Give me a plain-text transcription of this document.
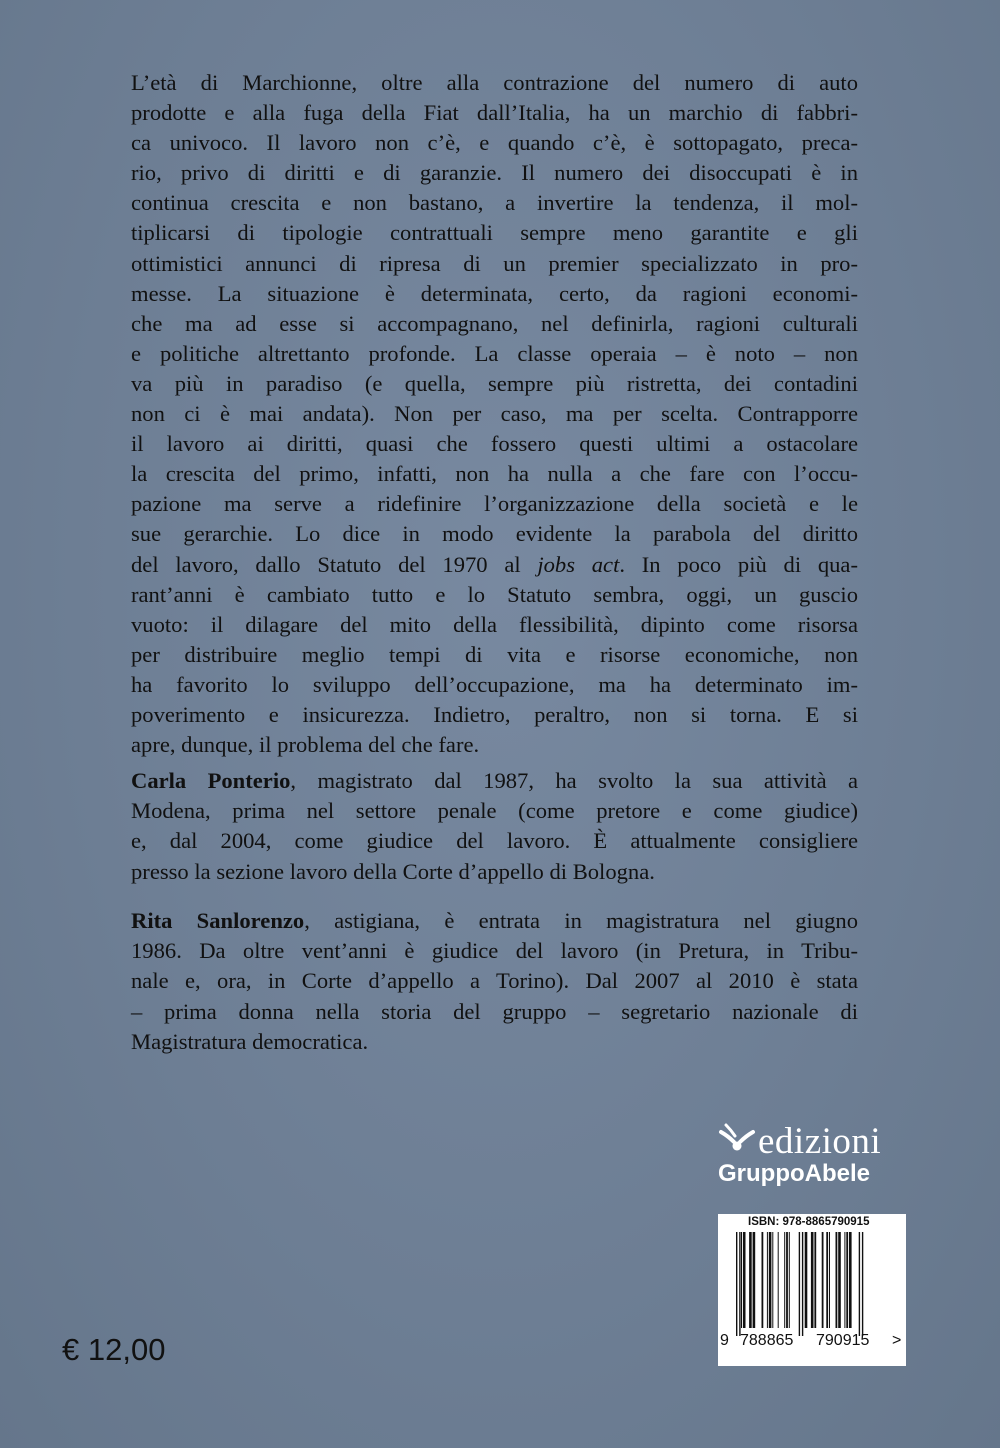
L’età di Marchionne, oltre alla contrazione del numero di auto
prodotte e alla fuga della Fiat dall’Italia, ha un marchio di fabbri-
ca univoco. Il lavoro non c’è, e quando c’è, è sottopagato, preca-
rio, privo di diritti e di garanzie. Il numero dei disoccupati è in
continua crescita e non bastano, a invertire la tendenza, il mol-
tiplicarsi di tipologie contrattuali sempre meno garantite e gli
ottimistici annunci di ripresa di un premier specializzato in pro-
messe. La situazione è determinata, certo, da ragioni economi-
che ma ad esse si accompagnano, nel definirla, ragioni culturali
e politiche altrettanto profonde. La classe operaia – è noto – non
va più in paradiso (e quella, sempre più ristretta, dei contadini
non ci è mai andata). Non per caso, ma per scelta. Contrapporre
il lavoro ai diritti, quasi che fossero questi ultimi a ostacolare
la crescita del primo, infatti, non ha nulla a che fare con l’occu-
pazione ma serve a ridefinire l’organizzazione della società e le
sue gerarchie. Lo dice in modo evidente la parabola del diritto
del lavoro, dallo Statuto del 1970 al jobs act. In poco più di qua-
rant’anni è cambiato tutto e lo Statuto sembra, oggi, un guscio
vuoto: il dilagare del mito della flessibilità, dipinto come risorsa
per distribuire meglio tempi di vita e risorse economiche, non
ha favorito lo sviluppo dell’occupazione, ma ha determinato im-
poverimento e insicurezza. Indietro, peraltro, non si torna. E si
apre, dunque, il problema del che fare.
Carla Ponterio, magistrato dal 1987, ha svolto la sua attività a
Modena, prima nel settore penale (come pretore e come giudice)
e, dal 2004, come giudice del lavoro. È attualmente consigliere
presso la sezione lavoro della Corte d’appello di Bologna.
Rita Sanlorenzo, astigiana, è entrata in magistratura nel giugno
1986. Da oltre vent’anni è giudice del lavoro (in Pretura, in Tribu-
nale e, ora, in Corte d’appello a Torino). Dal 2007 al 2010 è stata
– prima donna nella storia del gruppo – segretario nazionale di
Magistratura democratica.
edizioni
GruppoAbele
ISBN: 978-8865790915
9 788865 790915 >
€ 12,00
